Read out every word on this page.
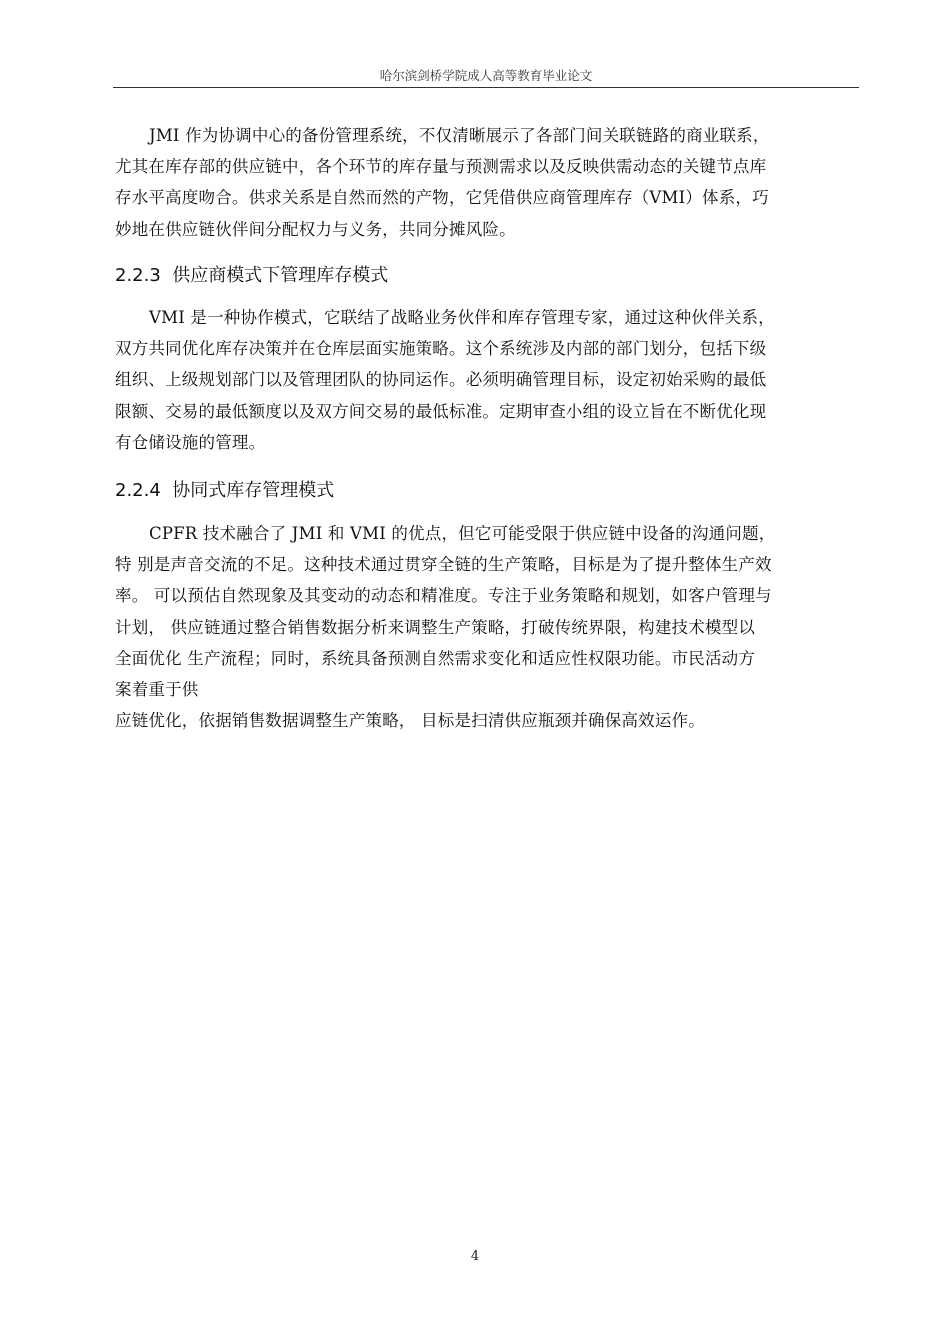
哈尔滨剑桥学院成人高等教育毕业论文
JMI 作为协调中心的备份管理系统，不仅清晰展示了各部门间关联链路的商业联系，
尤其在库存部的供应链中，各个环节的库存量与预测需求以及反映供需动态的关键节点库
存水平高度吻合。供求关系是自然而然的产物，它凭借供应商管理库存（VMI）体系，巧
妙地在供应链伙伴间分配权力与义务，共同分摊风险。
2.2.3 供应商模式下管理库存模式
VMI 是一种协作模式，它联结了战略业务伙伴和库存管理专家，通过这种伙伴关系，
双方共同优化库存决策并在仓库层面实施策略。这个系统涉及内部的部门划分，包括下级
组织、上级规划部门以及管理团队的协同运作。必须明确管理目标，设定初始采购的最低
限额、交易的最低额度以及双方间交易的最低标准。定期审查小组的设立旨在不断优化现
有仓储设施的管理。
2.2.4 协同式库存管理模式
CPFR 技术融合了 JMI 和 VMI 的优点，但它可能受限于供应链中设备的沟通问题，
特 别是声音交流的不足。这种技术通过贯穿全链的生产策略，目标是为了提升整体生产效
率。 可以预估自然现象及其变动的动态和精准度。专注于业务策略和规划，如客户管理与
计划， 供应链通过整合销售数据分析来调整生产策略，打破传统界限，构建技术模型以
全面优化 生产流程；同时，系统具备预测自然需求变化和适应性权限功能。市民活动方
案着重于供
应链优化，依据销售数据调整生产策略， 目标是扫清供应瓶颈并确保高效运作。
4
